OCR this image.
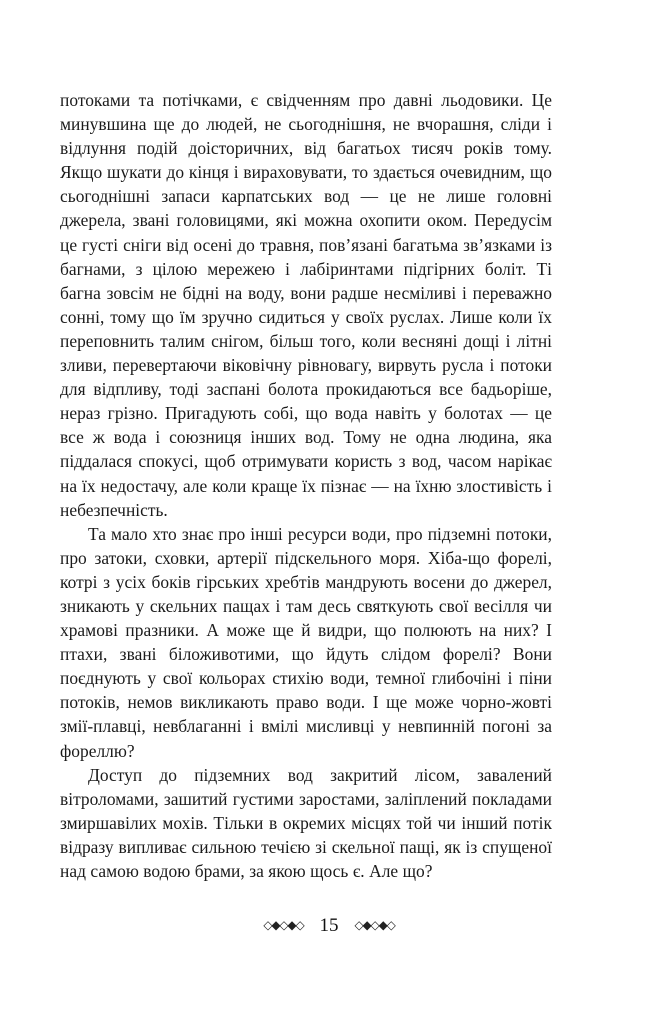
потоками та потічками, є свідченням про давні льодовики. Це минувшина ще до людей, не сьогоднішня, не вчорашня, сліди і відлуння подій доісторичних, від багатьох тисяч років тому. Якщо шукати до кінця і вираховувати, то здається очевидним, що сьогоднішні запаси карпатських вод — це не лише головні джерела, звані головицями, які можна охопити оком. Передусім це густі сніги від осені до травня, пов’язані багатьма зв’язками із багнами, з цілою мережею і лабіринтами підгірних боліт. Ті багна зовсім не бідні на воду, вони радше несміливі і переважно сонні, тому що їм зручно сидиться у своїх руслах. Лише коли їх переповнить талим снігом, більш того, коли весняні дощі і літні зливи, перевертаючи віковічну рівновагу, вирвуть русла і потоки для відпливу, тоді заспані болота прокидаються все бадьоріше, нераз грізно. Пригадують собі, що вода навіть у болотах — це все ж вода і союзниця інших вод. Тому не одна людина, яка піддалася спокусі, щоб отримувати користь з вод, часом нарікає на їх недостачу, але коли краще їх пізнає — на їхню злостивість і небезпечність.

Та мало хто знає про інші ресурси води, про підземні потоки, про затоки, сховки, артерії підскельного моря. Хіба-що форелі, котрі з усіх боків гірських хребтів мандрують восени до джерел, зникають у скельних пащах і там десь святкують свої весілля чи храмові празники. А може ще й видри, що полюють на них? І птахи, звані біложивотими, що йдуть слідом форелі? Вони поєднують у свої кольорах стихію води, темної глибочіні і піни потоків, немов викликають право води. І ще може чорно-жовті змії-плавці, невблаганні і вмілі мисливці у невпинній погоні за фореллю?

Доступ до підземних вод закритий лісом, завалений вітроломами, зашитий густими заростами, заліплений покладами змиршавілих мохів. Тільки в окремих місцях той чи інший потік відразу випливає сильною течією зі скельної пащі, як із спущеної над самою водою брами, за якою щось є. Але що?

◇◆◇◆◇ 15 ◇◆◇◆◇
